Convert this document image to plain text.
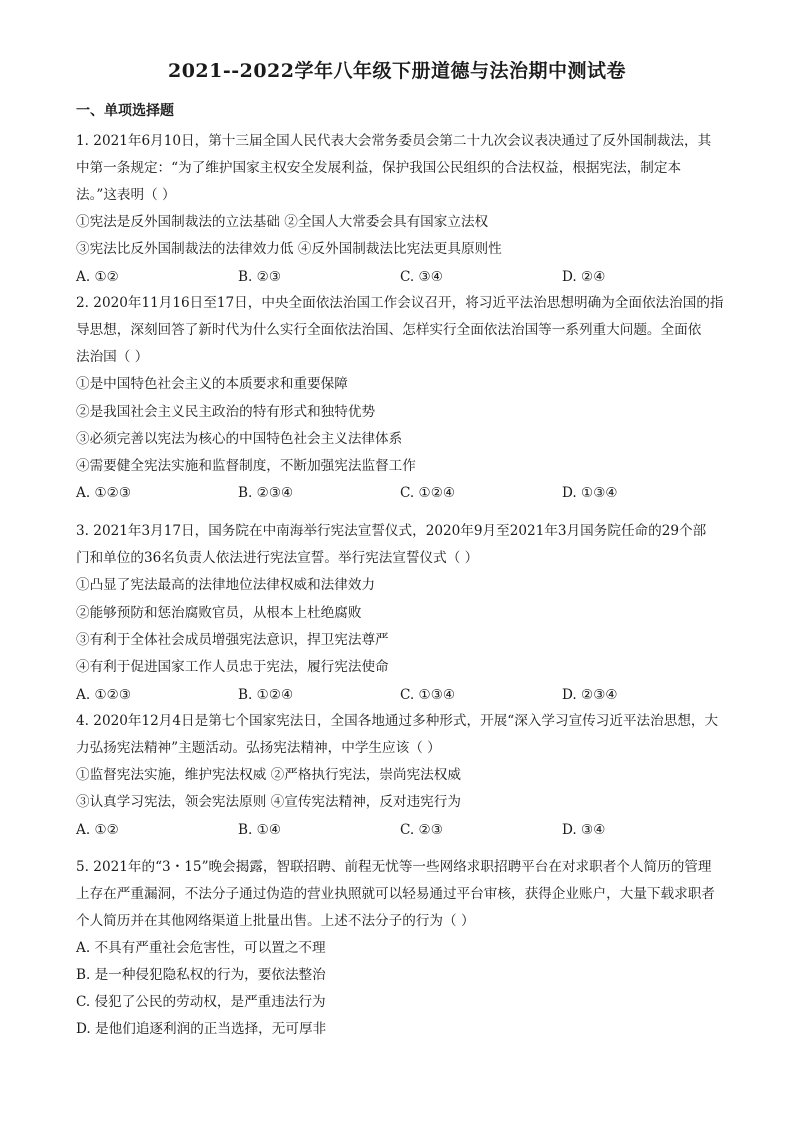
2021--2022学年八年级下册道德与法治期中测试卷
一、单项选择题
1. 2021年6月10日，第十三届全国人民代表大会常务委员会第二十九次会议表决通过了反外国制裁法，其
中第一条规定：“为了维护国家主权安全发展利益，保护我国公民组织的合法权益，根据宪法，制定本
法。”这表明（ ）
①宪法是反外国制裁法的立法基础 ②全国人大常委会具有国家立法权
③宪法比反外国制裁法的法律效力低 ④反外国制裁法比宪法更具原则性
A. ①②	B. ②③	C. ③④	D. ②④
2. 2020年11月16日至17日，中央全面依法治国工作会议召开，将习近平法治思想明确为全面依法治国的指
导思想，深刻回答了新时代为什么实行全面依法治国、怎样实行全面依法治国等一系列重大问题。全面依
法治国（ ）
①是中国特色社会主义的本质要求和重要保障
②是我国社会主义民主政治的特有形式和独特优势
③必须完善以宪法为核心的中国特色社会主义法律体系
④需要健全宪法实施和监督制度，不断加强宪法监督工作
A. ①②③	B. ②③④	C. ①②④	D. ①③④
3. 2021年3月17日，国务院在中南海举行宪法宣誓仪式，2020年9月至2021年3月国务院任命的29个部
门和单位的36名负责人依法进行宪法宣誓。举行宪法宣誓仪式（ ）
①凸显了宪法最高的法律地位法律权威和法律效力
②能够预防和惩治腐败官员，从根本上杜绝腐败
③有利于全体社会成员增强宪法意识，捍卫宪法尊严
④有利于促进国家工作人员忠于宪法，履行宪法使命
A. ①②③	B. ①②④	C. ①③④	D. ②③④
4. 2020年12月4日是第七个国家宪法日，全国各地通过多种形式，开展“深入学习宣传习近平法治思想，大
力弘扬宪法精神”主题活动。弘扬宪法精神，中学生应该（ ）
①监督宪法实施，维护宪法权威 ②严格执行宪法，崇尚宪法权威
③认真学习宪法，领会宪法原则 ④宣传宪法精神，反对违宪行为
A. ①②	B. ①④	C. ②③	D. ③④
5. 2021年的“3・15”晚会揭露，智联招聘、前程无忧等一些网络求职招聘平台在对求职者个人简历的管理
上存在严重漏洞，不法分子通过伪造的营业执照就可以轻易通过平台审核，获得企业账户，大量下载求职者
个人简历并在其他网络渠道上批量出售。上述不法分子的行为（ ）
A. 不具有严重社会危害性，可以置之不理
B. 是一种侵犯隐私权的行为，要依法整治
C. 侵犯了公民的劳动权，是严重违法行为
D. 是他们追逐利润的正当选择，无可厚非
